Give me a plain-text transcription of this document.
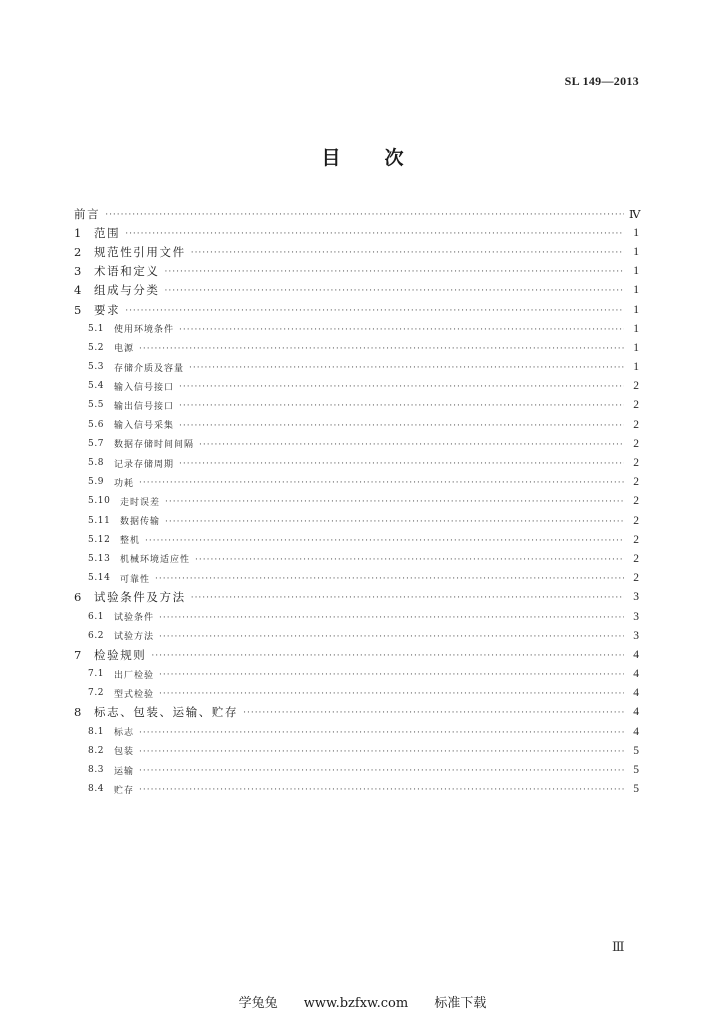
SL 149—2013
目次
前言 ·····	Ⅳ
1	范围 ·····	1
2	规范性引用文件 ·····	1
3	术语和定义 ·····	1
4	组成与分类 ·····	1
5	要求 ·····	1
5.1	使用环境条件 ·····	1
5.2	电源 ·····	1
5.3	存储介质及容量 ·····	1
5.4	输入信号接口 ·····	2
5.5	输出信号接口 ·····	2
5.6	输入信号采集 ·····	2
5.7	数据存储时间间隔 ·····	2
5.8	记录存储周期 ·····	2
5.9	功耗 ·····	2
5.10	走时误差 ·····	2
5.11	数据传输 ·····	2
5.12	整机 ·····	2
5.13	机械环境适应性 ·····	2
5.14	可靠性 ·····	2
6	试验条件及方法 ·····	3
6.1	试验条件 ·····	3
6.2	试验方法 ·····	3
7	检验规则 ·····	4
7.1	出厂检验 ·····	4
7.2	型式检验 ·····	4
8	标志、包装、运输、贮存 ·····	4
8.1	标志 ·····	4
8.2	包装 ·····	5
8.3	运输 ·····	5
8.4	贮存 ·····	5
Ⅲ
学兔兔 www.bzfxw.com 标准下载
